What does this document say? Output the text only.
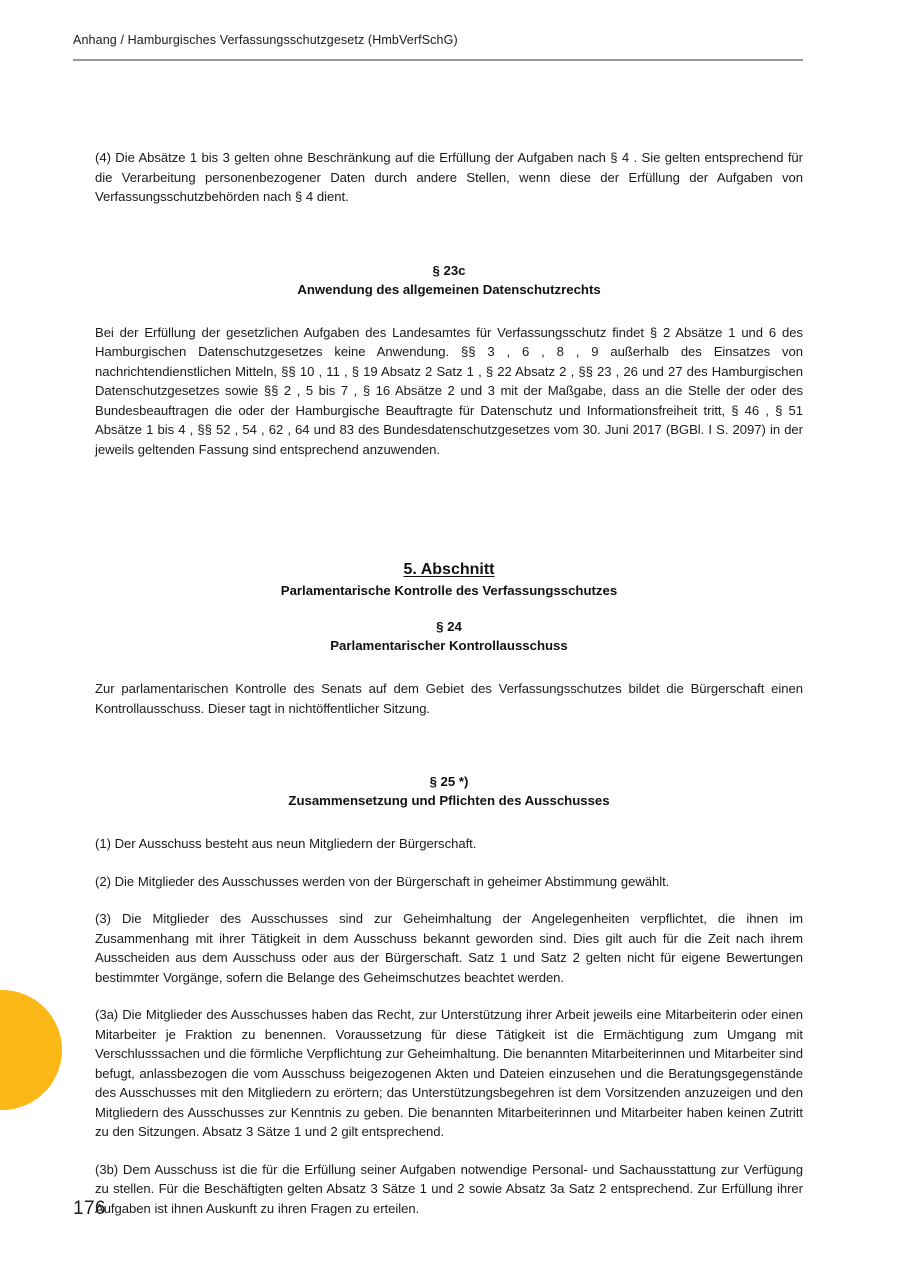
Anhang / Hamburgisches Verfassungsschutzgesetz (HmbVerfSchG)

(4) Die Absätze 1 bis 3 gelten ohne Beschränkung auf die Erfüllung der Aufgaben nach § 4 . Sie gelten entsprechend für die Verarbeitung personenbezogener Daten durch andere Stellen, wenn diese der Erfüllung der Aufgaben von Verfassungsschutzbehörden nach § 4 dient.

§ 23c
Anwendung des allgemeinen Datenschutzrechts

Bei der Erfüllung der gesetzlichen Aufgaben des Landesamtes für Verfassungsschutz findet § 2 Absätze 1 und 6 des Hamburgischen Datenschutzgesetzes keine Anwendung. §§ 3 , 6 , 8 , 9 außerhalb des Einsatzes von nachrichtendienstlichen Mitteln, §§ 10 , 11 , § 19 Absatz 2 Satz 1 , § 22 Absatz 2 , §§ 23 , 26 und 27 des Hamburgischen Datenschutzgesetzes sowie §§ 2 , 5 bis 7 , § 16 Absätze 2 und 3 mit der Maßgabe, dass an die Stelle der oder des Bundesbeauftragen die oder der Hamburgische Beauftragte für Datenschutz und Informationsfreiheit tritt, § 46 , § 51 Absätze 1 bis 4 , §§ 52 , 54 , 62 , 64 und 83 des Bundesdatenschutzgesetzes vom 30. Juni 2017 (BGBl. I S. 2097) in der jeweils geltenden Fassung sind entsprechend anzuwenden.

5. Abschnitt
Parlamentarische Kontrolle des Verfassungsschutzes
§ 24
Parlamentarischer Kontrollausschuss

Zur parlamentarischen Kontrolle des Senats auf dem Gebiet des Verfassungsschutzes bildet die Bürgerschaft einen Kontrollausschuss. Dieser tagt in nichtöffentlicher Sitzung.

§ 25 *)
Zusammensetzung und Pflichten des Ausschusses

(1) Der Ausschuss besteht aus neun Mitgliedern der Bürgerschaft.

(2) Die Mitglieder des Ausschusses werden von der Bürgerschaft in geheimer Abstimmung gewählt.

(3) Die Mitglieder des Ausschusses sind zur Geheimhaltung der Angelegenheiten verpflichtet, die ihnen im Zusammenhang mit ihrer Tätigkeit in dem Ausschuss bekannt geworden sind. Dies gilt auch für die Zeit nach ihrem Ausscheiden aus dem Ausschuss oder aus der Bürgerschaft. Satz 1 und Satz 2 gelten nicht für eigene Bewertungen bestimmter Vorgänge, sofern die Belange des Geheimschutzes beachtet werden.

(3a) Die Mitglieder des Ausschusses haben das Recht, zur Unterstützung ihrer Arbeit jeweils eine Mitarbeiterin oder einen Mitarbeiter je Fraktion zu benennen. Voraussetzung für diese Tätigkeit ist die Ermächtigung zum Umgang mit Verschlusssachen und die förmliche Verpflichtung zur Geheimhaltung. Die benannten Mitarbeiterinnen und Mitarbeiter sind befugt, anlassbezogen die vom Ausschuss beigezogenen Akten und Dateien einzusehen und die Beratungsgegenstände des Ausschusses mit den Mitgliedern zu erörtern; das Unterstützungsbegehren ist dem Vorsitzenden anzuzeigen und den Mitgliedern des Ausschusses zur Kenntnis zu geben. Die benannten Mitarbeiterinnen und Mitarbeiter haben keinen Zutritt zu den Sitzungen. Absatz 3 Sätze 1 und 2 gilt entsprechend.

(3b) Dem Ausschuss ist die für die Erfüllung seiner Aufgaben notwendige Personal- und Sachausstattung zur Verfügung zu stellen. Für die Beschäftigten gelten Absatz 3 Sätze 1 und 2 sowie Absatz 3a Satz 2 entsprechend. Zur Erfüllung ihrer Aufgaben ist ihnen Auskunft zu ihren Fragen zu erteilen.

176
